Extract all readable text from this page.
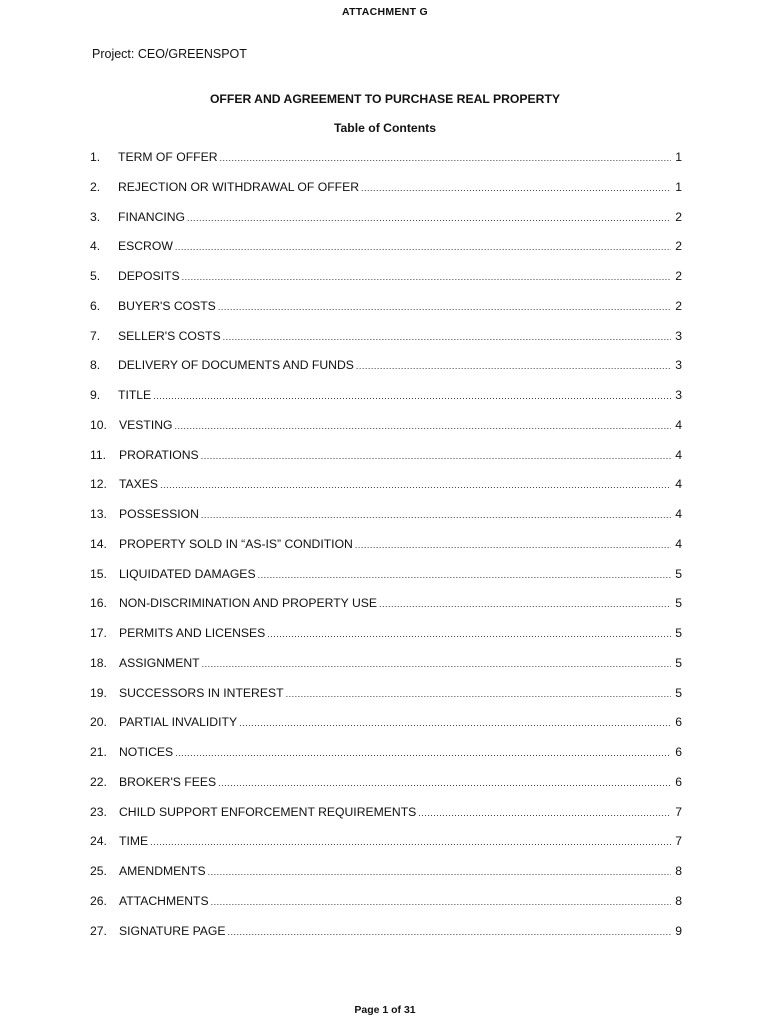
ATTACHMENT G
Project: CEO/GREENSPOT
OFFER AND AGREEMENT TO PURCHASE REAL PROPERTY
Table of Contents
1.	TERM OF OFFER .....	1
2.	REJECTION OR WITHDRAWAL OF OFFER .....	1
3.	FINANCING .....	2
4.	ESCROW .....	2
5.	DEPOSITS .....	2
6.	BUYER'S COSTS .....	2
7.	SELLER'S COSTS .....	3
8.	DELIVERY OF DOCUMENTS AND FUNDS .....	3
9.	TITLE .....	3
10. VESTING .....	4
11.	PRORATIONS .....	4
12. TAXES .....	4
13. POSSESSION .....	4
14. PROPERTY SOLD IN “AS-IS” CONDITION .....	4
15. LIQUIDATED DAMAGES .....	5
16. NON-DISCRIMINATION AND PROPERTY USE .....	5
17. PERMITS AND LICENSES .....	5
18. ASSIGNMENT .....	5
19. SUCCESSORS IN INTEREST .....	5
20. PARTIAL INVALIDITY .....	6
21. NOTICES .....	6
22. BROKER'S FEES .....	6
23. CHILD SUPPORT ENFORCEMENT REQUIREMENTS .....	7
24. TIME .....	7
25. AMENDMENTS .....	8
26. ATTACHMENTS .....	8
27. SIGNATURE PAGE .....	9
Page 1 of 31
